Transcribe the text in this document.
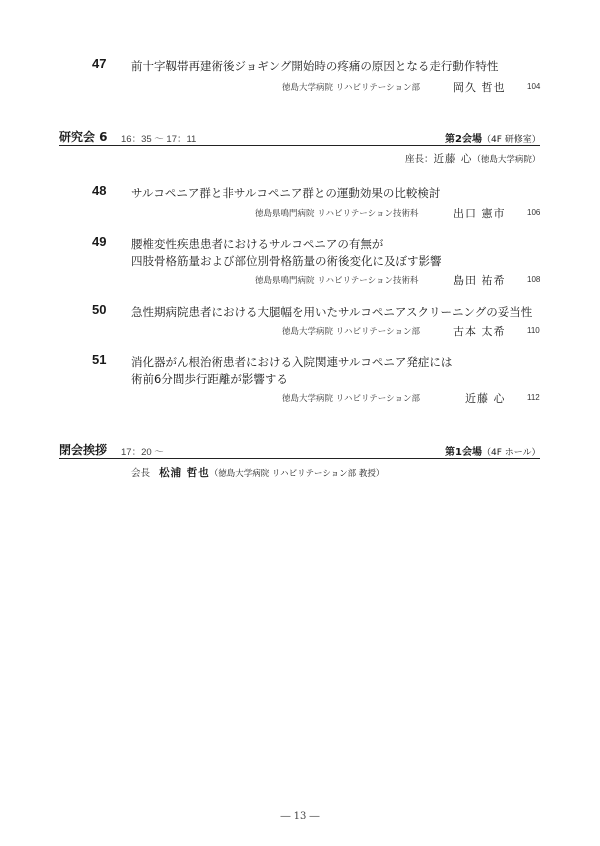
47 前十字靱帯再建術後ジョギング開始時の疼痛の原因となる走行動作特性
徳島大学病院 リハビリテーション部	岡久 哲也	104
研究会 6 16：35 ～ 17：11	第2会場（4F 研修室）
座長：近藤 心（徳島大学病院）
48 サルコペニア群と非サルコペニア群との運動効果の比較検討
徳島県鳴門病院 リハビリテーション技術科	出口 憲市	106
49 腰椎変性疾患患者におけるサルコペニアの有無が
四肢骨格筋量および部位別骨格筋量の術後変化に及ぼす影響
徳島県鳴門病院 リハビリテーション技術科	島田 祐希	108
50 急性期病院患者における大腿幅を用いたサルコペニアスクリーニングの妥当性
徳島大学病院 リハビリテーション部	古本 太希	110
51 消化器がん根治術患者における入院関連サルコペニア発症には
術前6分間歩行距離が影響する
徳島大学病院 リハビリテーション部	近藤 心	112
閉会挨拶 17：20 ～	第1会場（4F ホール）
会長 松浦 哲也（徳島大学病院 リハビリテーション部 教授）
― 13 ―
